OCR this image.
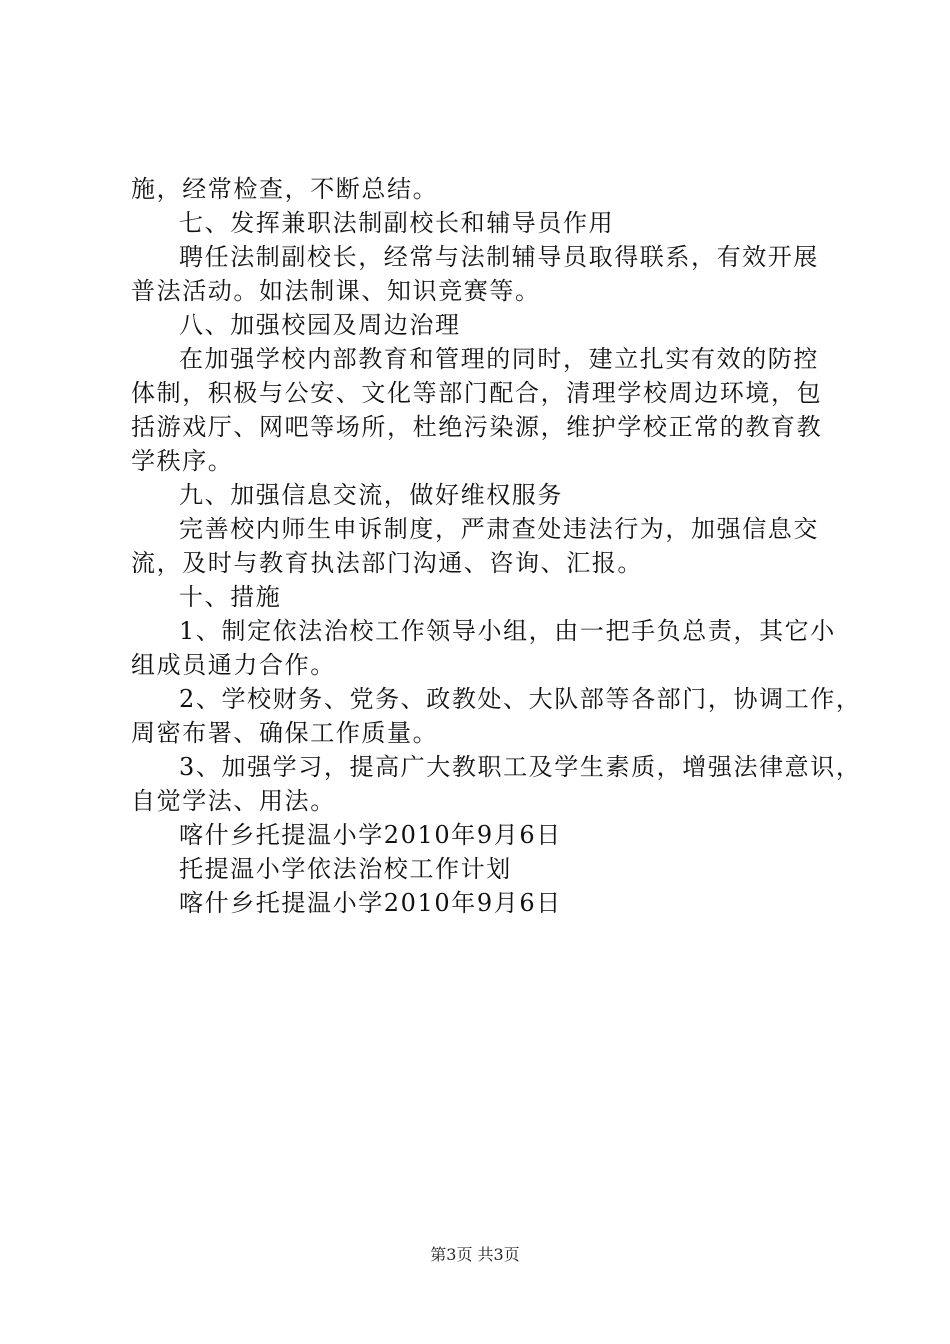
施，经常检查，不断总结。
七、发挥兼职法制副校长和辅导员作用
聘任法制副校长，经常与法制辅导员取得联系，有效开展
普法活动。如法制课、知识竞赛等。
八、加强校园及周边治理
在加强学校内部教育和管理的同时，建立扎实有效的防控
体制，积极与公安、文化等部门配合，清理学校周边环境，包
括游戏厅、网吧等场所，杜绝污染源，维护学校正常的教育教
学秩序。
九、加强信息交流，做好维权服务
完善校内师生申诉制度，严肃查处违法行为，加强信息交
流，及时与教育执法部门沟通、咨询、汇报。
十、措施
1、制定依法治校工作领导小组，由一把手负总责，其它小
组成员通力合作。
2、学校财务、党务、政教处、大队部等各部门，协调工作，
周密布署、确保工作质量。
3、加强学习，提高广大教职工及学生素质，增强法律意识，
自觉学法、用法。
喀什乡托提温小学2010年9月6日
托提温小学依法治校工作计划
喀什乡托提温小学2010年9月6日
第3页 共3页
